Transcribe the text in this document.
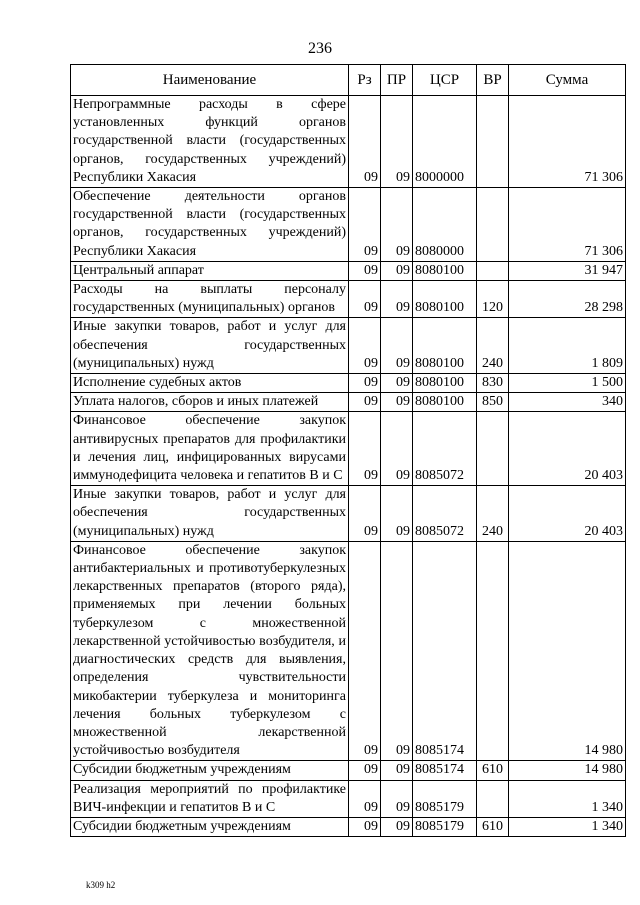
236
Наименование	Рз	ПР	ЦСР	ВР	Сумма

Непрограммные расходы в сфере установленных функций органов государственной власти (государственных органов, государственных учреждений) Республики Хакасия	09	09	8000000		71 306

Обеспечение деятельности органов государственной власти (государственных органов, государственных учреждений) Республики Хакасия	09	09	8080000		71 306

Центральный аппарат	09	09	8080100		31 947

Расходы на выплаты персоналу государственных (муниципальных) органов	09	09	8080100	120	28 298

Иные закупки товаров, работ и услуг для обеспечения государственных (муниципальных) нужд	09	09	8080100	240	1 809

Исполнение судебных актов	09	09	8080100	830	1 500

Уплата налогов, сборов и иных платежей	09	09	8080100	850	340

Финансовое обеспечение закупок антивирусных препаратов для профилактики и лечения лиц, инфицированных вирусами иммунодефицита человека и гепатитов В и С	09	09	8085072		20 403

Иные закупки товаров, работ и услуг для обеспечения государственных (муниципальных) нужд	09	09	8085072	240	20 403

Финансовое обеспечение закупок антибактериальных и противотуберкулезных лекарственных препаратов (второго ряда), применяемых при лечении больных туберкулезом с множественной лекарственной устойчивостью возбудителя, и диагностических средств для выявления, определения чувствительности микобактерии туберкулеза и мониторинга лечения больных туберкулезом с множественной лекарственной устойчивостью возбудителя	09	09	8085174		14 980

Субсидии бюджетным учреждениям	09	09	8085174	610	14 980

Реализация мероприятий по профилактике ВИЧ-инфекции и гепатитов В и С	09	09	8085179		1 340

Субсидии бюджетным учреждениям	09	09	8085179	610	1 340
k309 h2
